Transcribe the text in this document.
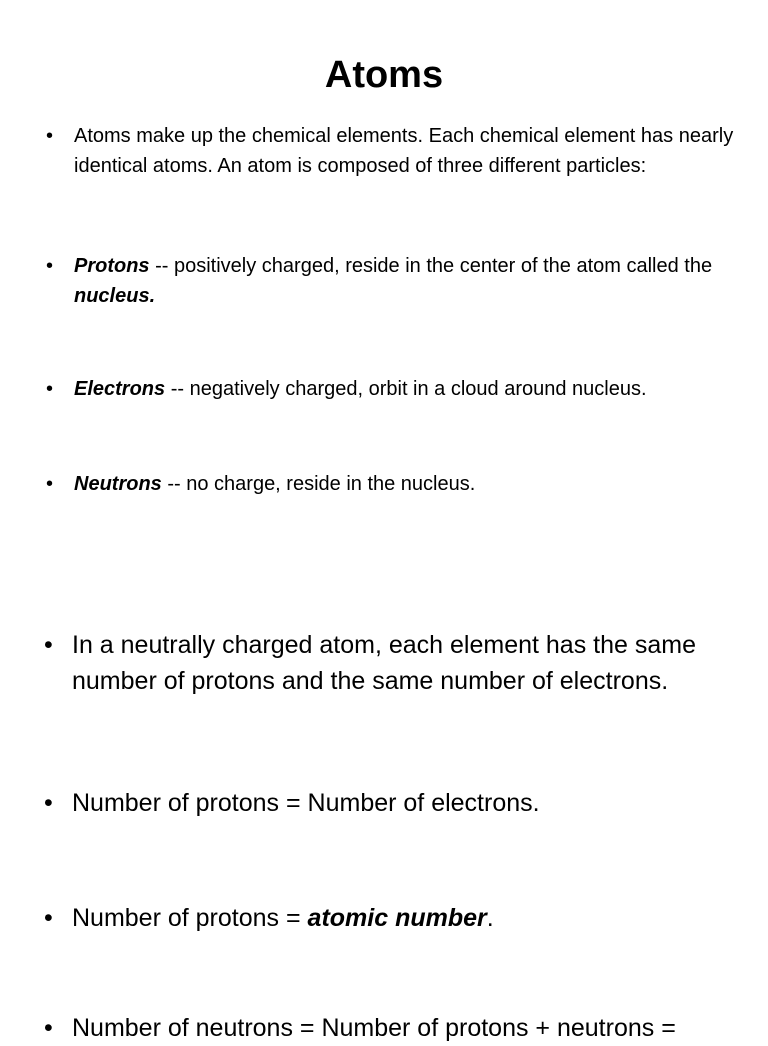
Atoms
• Atoms make up the chemical elements. Each chemical element has nearly identical atoms. An atom is composed of three different particles:
• Protons -- positively charged, reside in the center of the atom called the nucleus.
• Electrons -- negatively charged, orbit in a cloud around nucleus.
• Neutrons -- no charge, reside in the nucleus.
• In a neutrally charged atom, each element has the same number of protons and the same number of electrons.
• Number of protons = Number of electrons.
• Number of protons = atomic number.
• Number of neutrons = Number of protons + neutrons =
